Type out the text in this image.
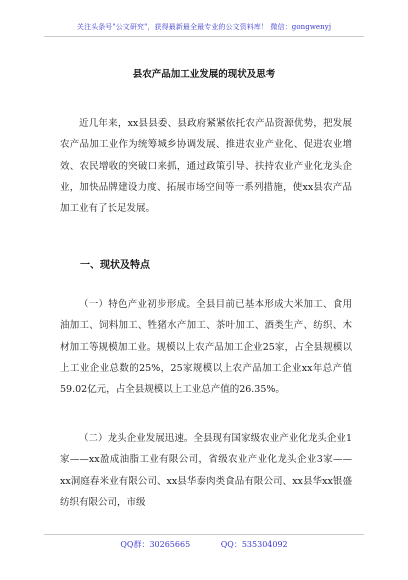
关注头条号"公文研究"，获得最新最全最专业的公文资料库！ 微信：gongwenyj
县农产品加工业发展的现状及思考

近几年来，xx县县委、县政府紧紧依托农产品资源优势，把发展农产品加工业作为统筹城乡协调发展、推进农业产业化、促进农业增效、农民增收的突破口来抓，通过政策引导、扶持农业产业化龙头企业，加快品牌建设力度、拓展市场空间等一系列措施，使xx县农产品加工业有了长足发展。

一、现状及特点

（一）特色产业初步形成。全县目前已基本形成大米加工、食用油加工、饲料加工、牲猪水产加工、茶叶加工、酒类生产、纺织、木材加工等规模加工业。规模以上农产品加工企业25家，占全县规模以上工业企业总数的25%，25家规模以上农产品加工企业xx年总产值59.02亿元，占全县规模以上工业总产值的26.35%。

（二）龙头企业发展迅速。全县现有国家级农业产业化龙头企业1家——xx盈成油脂工业有限公司，省级农业产业化龙头企业3家——xx洞庭春米业有限公司、xx县华泰肉类食品有限公司、xx县华xx银盛纺织有限公司，市级

QQ群：30265665	QQ：535304092
